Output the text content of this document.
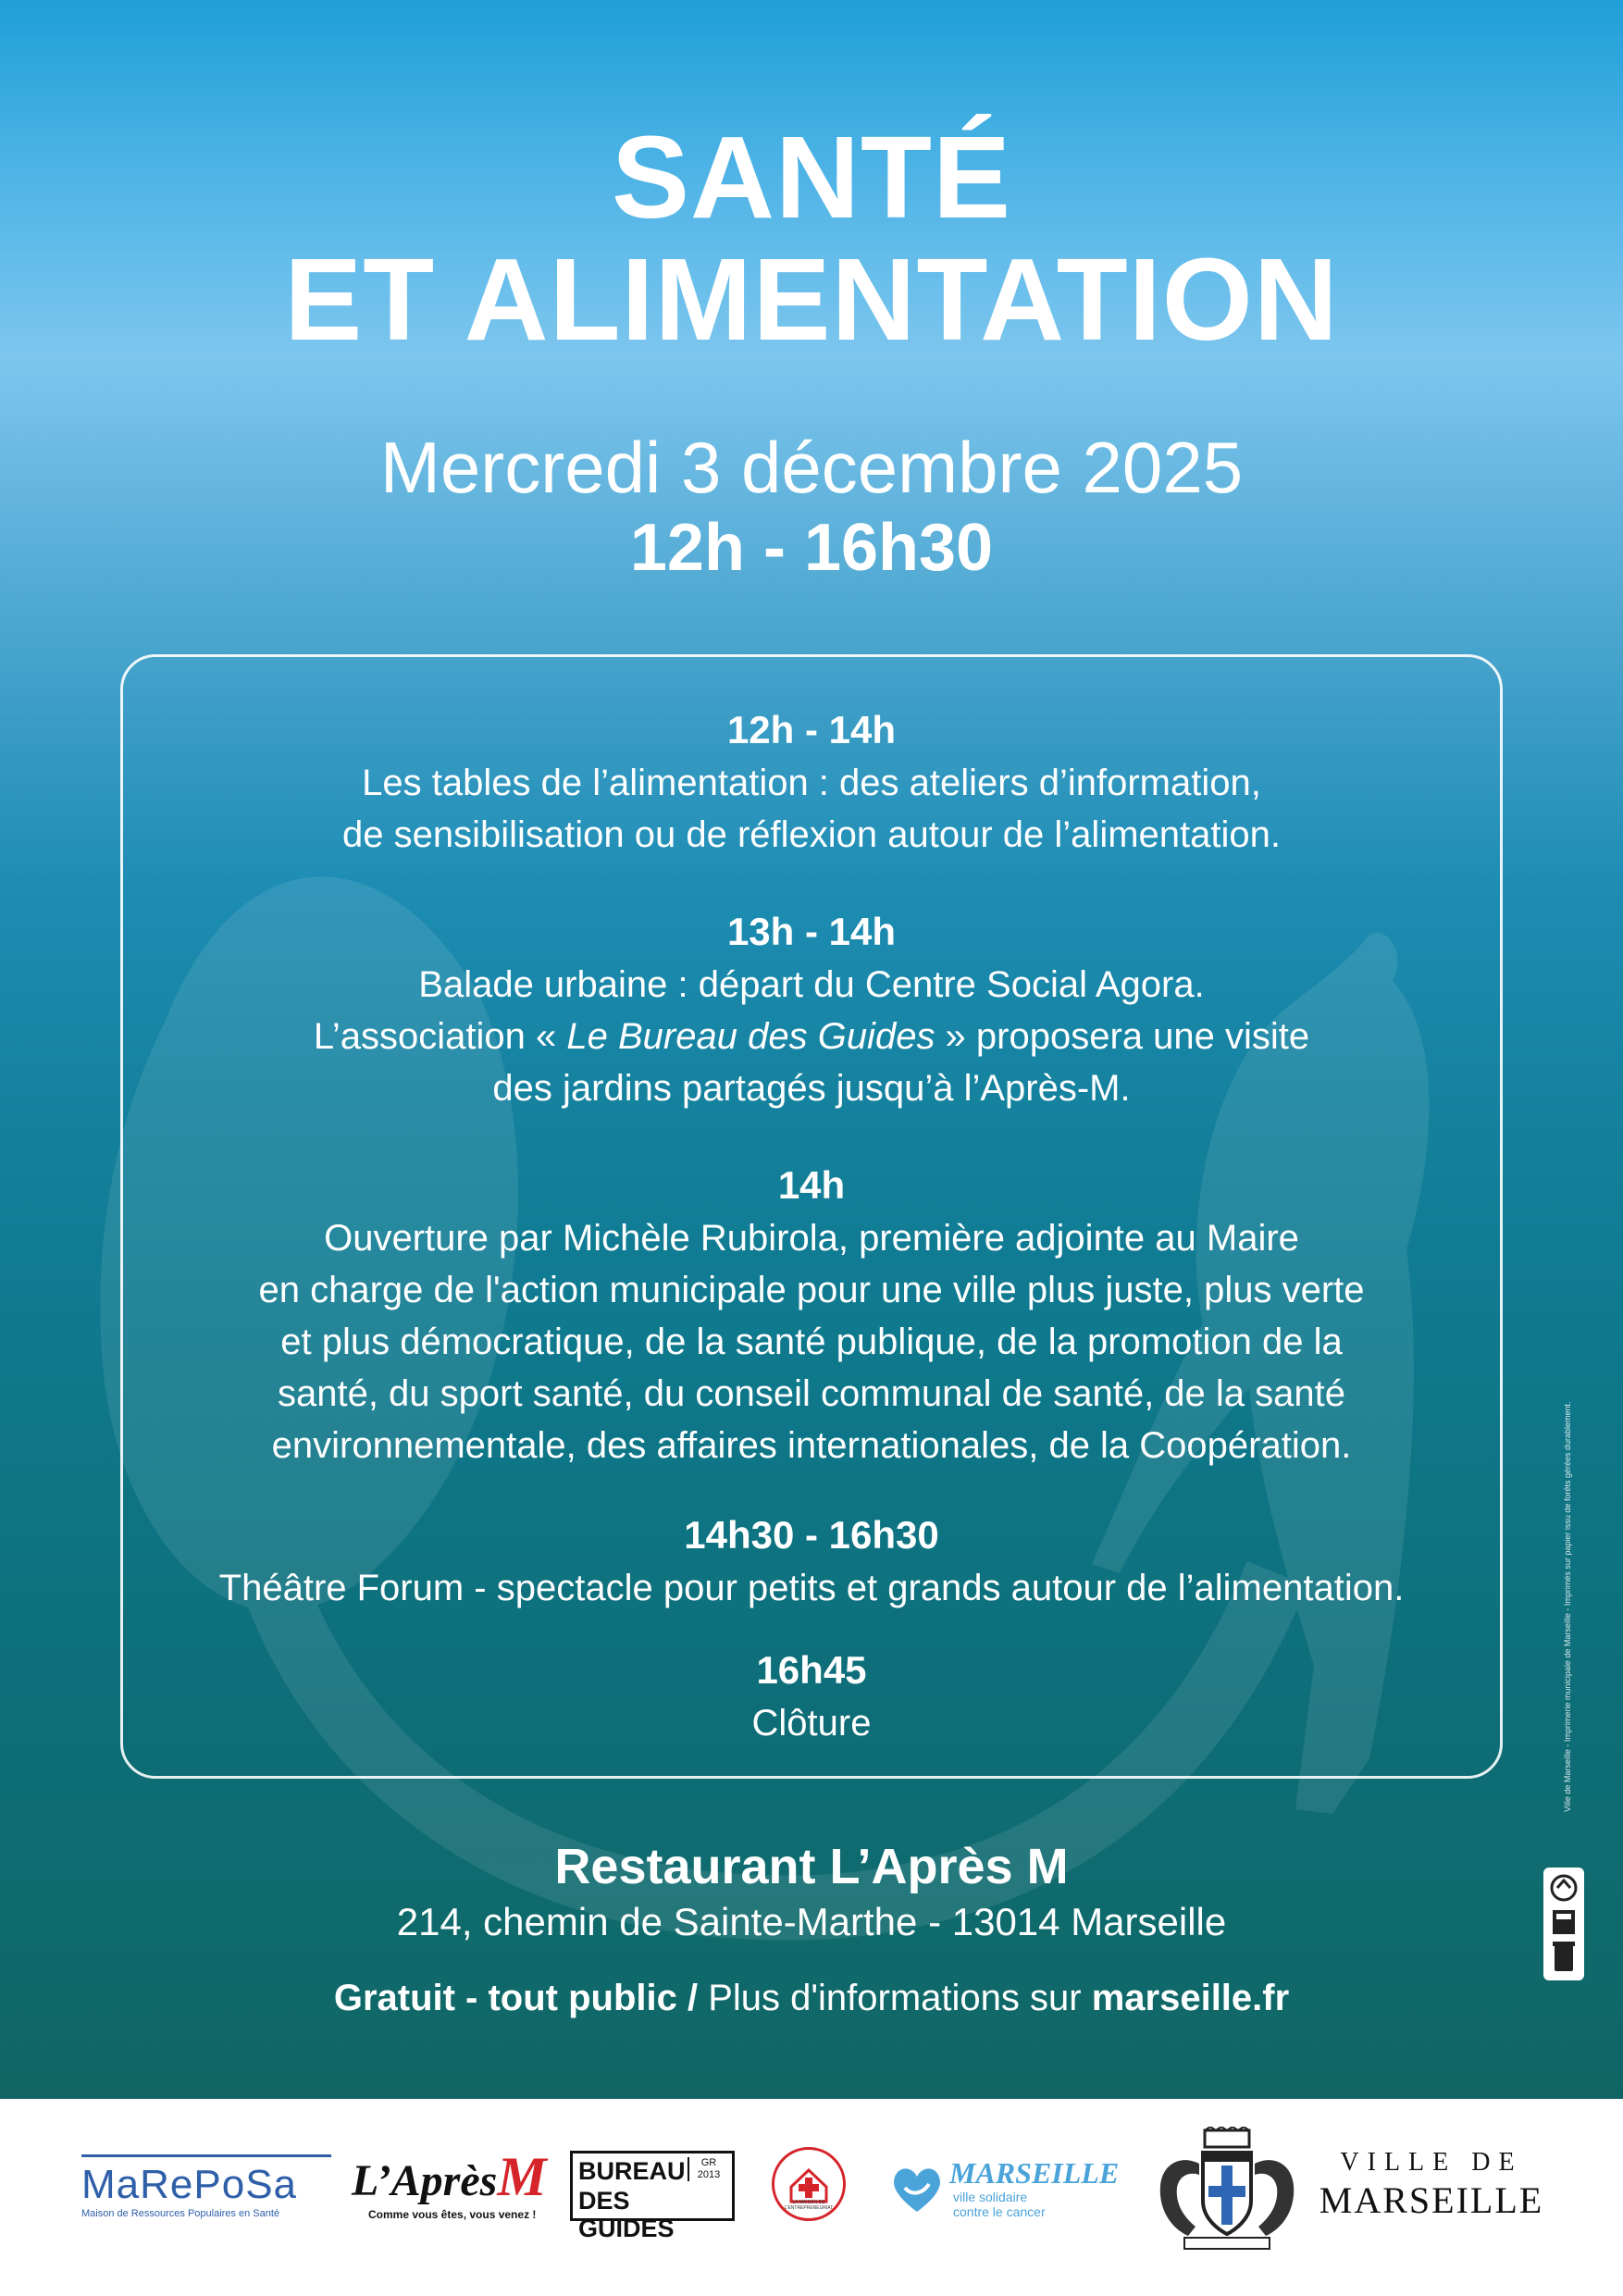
SANTÉ
ET ALIMENTATION
Mercredi 3 décembre 2025
12h - 16h30
12h - 14h
Les tables de l’alimentation : des ateliers d’information,
de sensibilisation ou de réflexion autour de l’alimentation.
13h - 14h
Balade urbaine : départ du Centre Social Agora.
L’association « Le Bureau des Guides » proposera une visite
des jardins partagés jusqu’à l’Après-M.
14h
Ouverture par Michèle Rubirola, première adjointe au Maire
en charge de l'action municipale pour une ville plus juste, plus verte
et plus démocratique, de la santé publique, de la promotion de la
santé, du sport santé, du conseil communal de santé, de la santé
environnementale, des affaires internationales, de la Coopération.
14h30 - 16h30
Théâtre Forum - spectacle pour petits et grands autour de l’alimentation.
16h45
Clôture
Restaurant L’Après M
214, chemin de Sainte-Marthe - 13014 Marseille
Gratuit - tout public / Plus d'informations sur marseille.fr
Ville de Marseille - Imprimerie municipale de Marseille - Imprimés sur papier issu de forêts gérées durablement.
MaRePoSa
Maison de Ressources Populaires en Santé
L’AprèsM
Comme vous êtes, vous venez !
BUREAU
DES GUIDES
GR
2013
LA MAISON DE L'ENTREPRENEURIAT
MARSEILLE
ville solidaire
contre le cancer
VILLE DE
MARSEILLE
